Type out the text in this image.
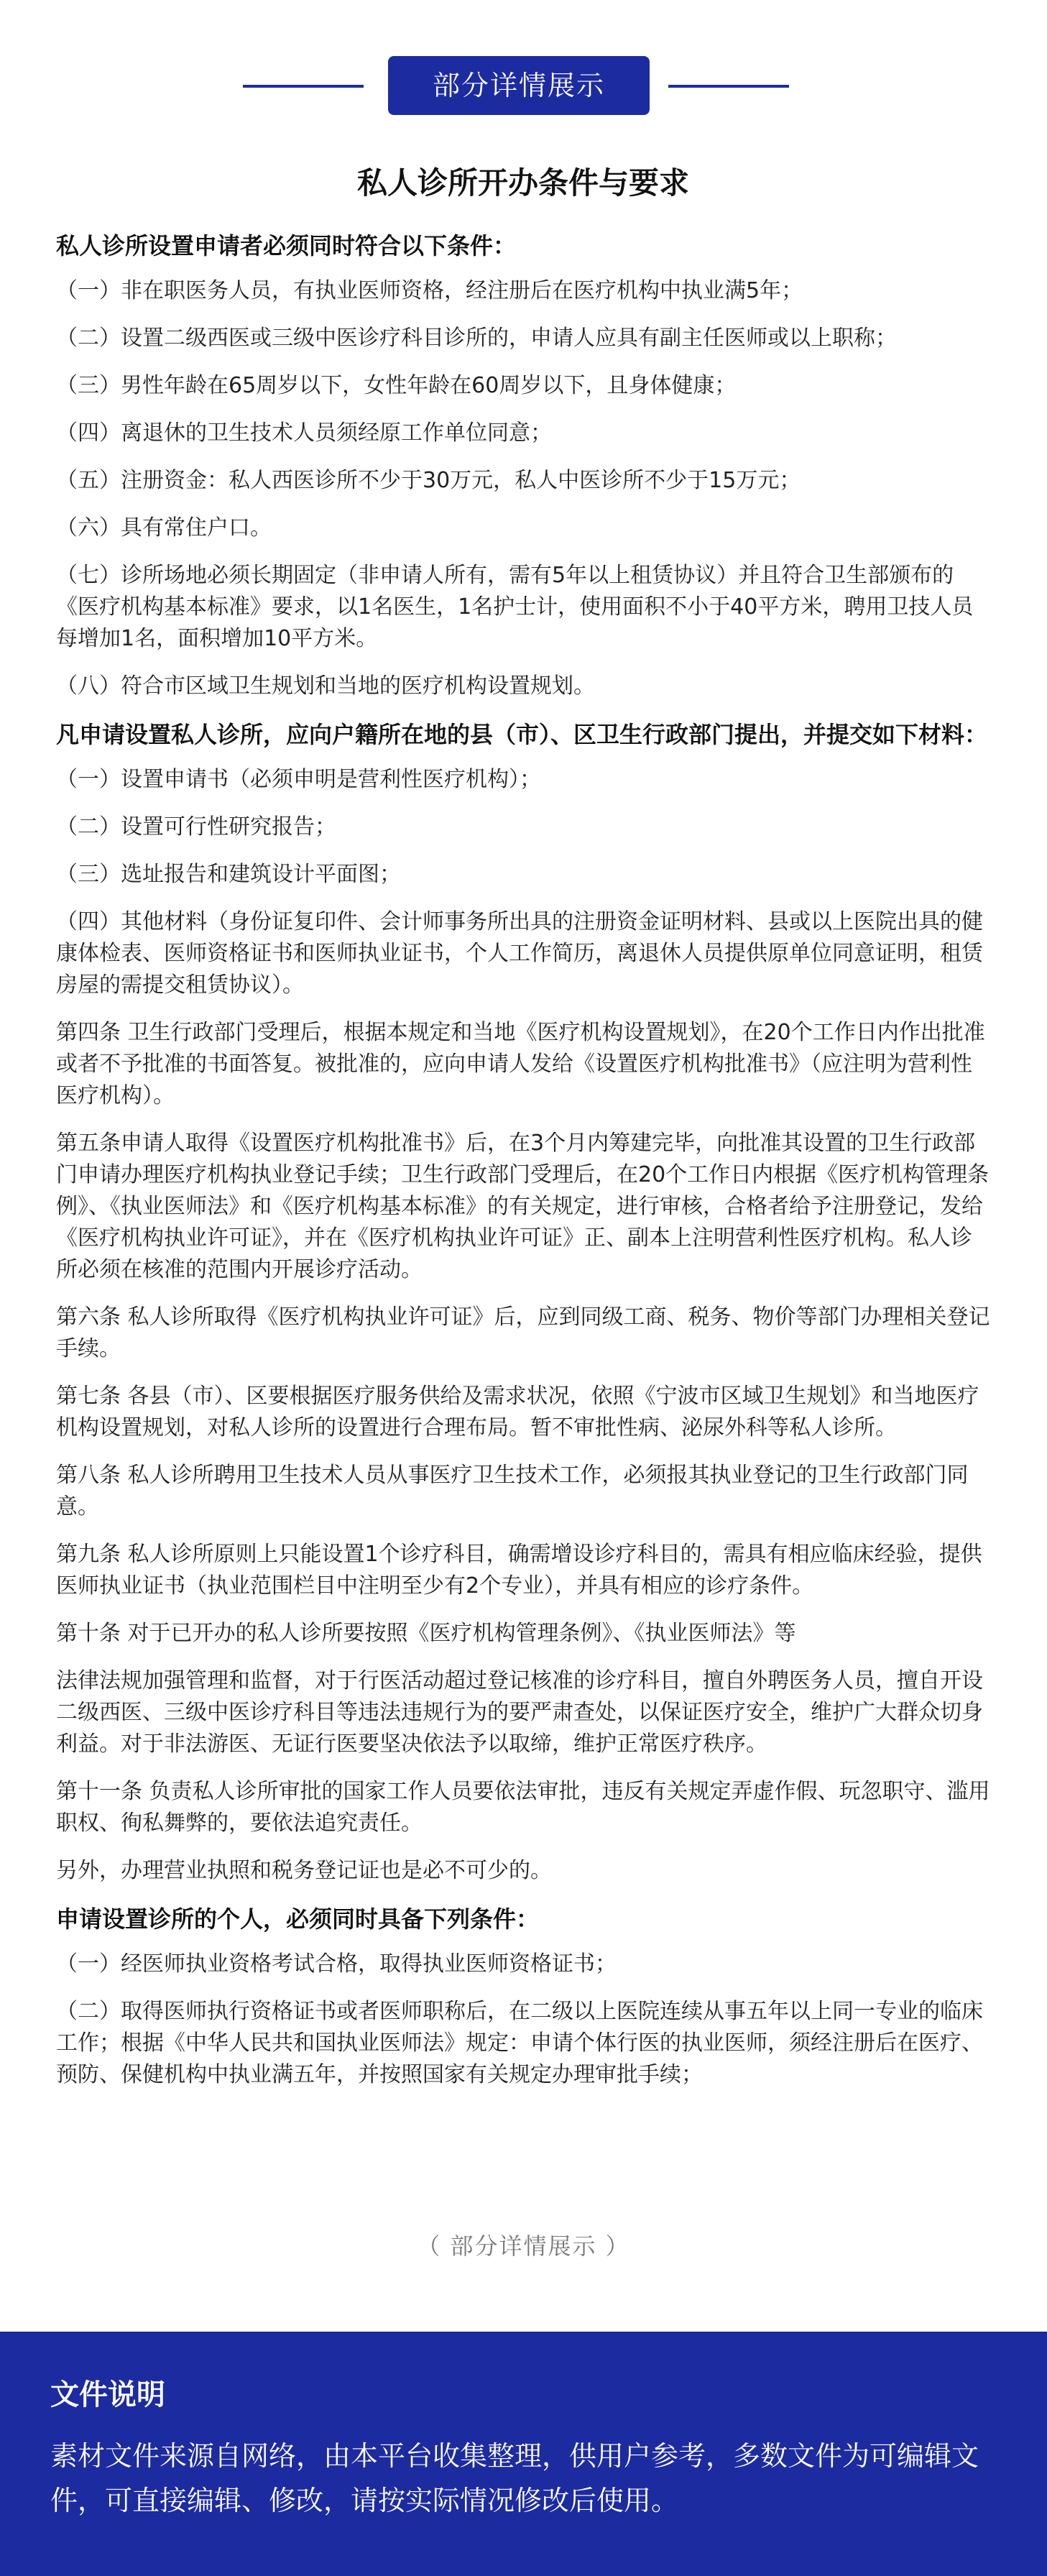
部分详情展示
私人诊所开办条件与要求
私人诊所设置申请者必须同时符合以下条件：
（一）非在职医务人员，有执业医师资格，经注册后在医疗机构中执业满5年；
（二）设置二级西医或三级中医诊疗科目诊所的，申请人应具有副主任医师或以上职称；
（三）男性年龄在65周岁以下，女性年龄在60周岁以下，且身体健康；
（四）离退休的卫生技术人员须经原工作单位同意；
（五）注册资金：私人西医诊所不少于30万元，私人中医诊所不少于15万元；
（六）具有常住户口。
（七）诊所场地必须长期固定（非申请人所有，需有5年以上租赁协议）并且符合卫生部颁布的《医疗机构基本标准》要求，以1名医生，1名护士计，使用面积不小于40平方米，聘用卫技人员每增加1名，面积增加10平方米。
（八）符合市区域卫生规划和当地的医疗机构设置规划。
凡申请设置私人诊所，应向户籍所在地的县（市）、区卫生行政部门提出，并提交如下材料：
（一）设置申请书（必须申明是营利性医疗机构）；
（二）设置可行性研究报告；
（三）选址报告和建筑设计平面图；
（四）其他材料（身份证复印件、会计师事务所出具的注册资金证明材料、县或以上医院出具的健康体检表、医师资格证书和医师执业证书，个人工作简历，离退休人员提供原单位同意证明，租赁房屋的需提交租赁协议）。
第四条 卫生行政部门受理后，根据本规定和当地《医疗机构设置规划》，在20个工作日内作出批准或者不予批准的书面答复。被批准的，应向申请人发给《设置医疗机构批准书》（应注明为营利性医疗机构）。
第五条申请人取得《设置医疗机构批准书》后，在3个月内筹建完毕，向批准其设置的卫生行政部门申请办理医疗机构执业登记手续；卫生行政部门受理后，在20个工作日内根据《医疗机构管理条例》、《执业医师法》和《医疗机构基本标准》的有关规定，进行审核，合格者给予注册登记，发给《医疗机构执业许可证》，并在《医疗机构执业许可证》正、副本上注明营利性医疗机构。私人诊所必须在核准的范围内开展诊疗活动。
第六条 私人诊所取得《医疗机构执业许可证》后，应到同级工商、税务、物价等部门办理相关登记手续。
第七条 各县（市）、区要根据医疗服务供给及需求状况，依照《宁波市区域卫生规划》和当地医疗机构设置规划，对私人诊所的设置进行合理布局。暂不审批性病、泌尿外科等私人诊所。
第八条 私人诊所聘用卫生技术人员从事医疗卫生技术工作，必须报其执业登记的卫生行政部门同意。
第九条 私人诊所原则上只能设置1个诊疗科目，确需增设诊疗科目的，需具有相应临床经验，提供医师执业证书（执业范围栏目中注明至少有2个专业），并具有相应的诊疗条件。
第十条 对于已开办的私人诊所要按照《医疗机构管理条例》、《执业医师法》等
法律法规加强管理和监督，对于行医活动超过登记核准的诊疗科目，擅自外聘医务人员，擅自开设二级西医、三级中医诊疗科目等违法违规行为的要严肃查处，以保证医疗安全，维护广大群众切身利益。对于非法游医、无证行医要坚决依法予以取缔，维护正常医疗秩序。
第十一条 负责私人诊所审批的国家工作人员要依法审批，违反有关规定弄虚作假、玩忽职守、滥用职权、徇私舞弊的，要依法追究责任。
另外，办理营业执照和税务登记证也是必不可少的。
申请设置诊所的个人，必须同时具备下列条件：
（一）经医师执业资格考试合格，取得执业医师资格证书；
（二）取得医师执行资格证书或者医师职称后，在二级以上医院连续从事五年以上同一专业的临床工作；根据《中华人民共和国执业医师法》规定：申请个体行医的执业医师，须经注册后在医疗、预防、保健机构中执业满五年，并按照国家有关规定办理审批手续；
（ 部分详情展示 ）
文件说明
素材文件来源自网络，由本平台收集整理，供用户参考，多数文件为可编辑文件，可直接编辑、修改，请按实际情况修改后使用。
